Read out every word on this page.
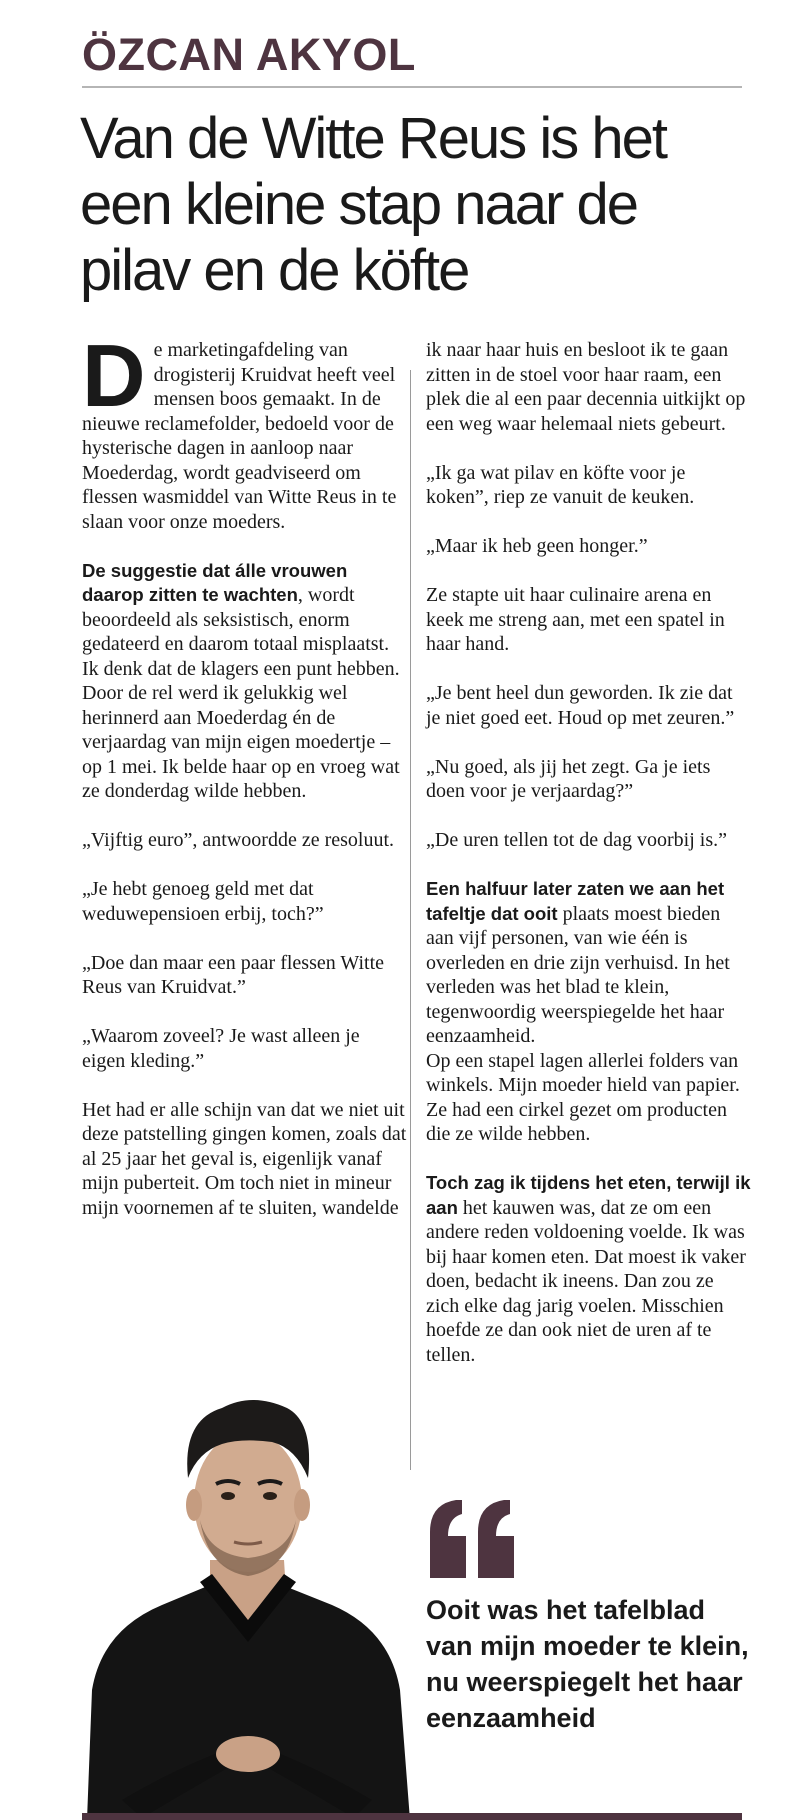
ÖZCAN AKYOL
Van de Witte Reus is het een kleine stap naar de pilav en de köfte

De marketingafdeling van drogisterij Kruidvat heeft veel mensen boos gemaakt. In de nieuwe reclamefolder, bedoeld voor de hysterische dagen in aanloop naar Moederdag, wordt geadviseerd om flessen wasmiddel van Witte Reus in te slaan voor onze moeders.

De suggestie dat álle vrouwen daarop zitten te wachten, wordt beoordeeld als seksistisch, enorm gedateerd en daarom totaal misplaatst. Ik denk dat de klagers een punt hebben. Door de rel werd ik gelukkig wel herinnerd aan Moederdag én de verjaardag van mijn eigen moedertje – op 1 mei. Ik belde haar op en vroeg wat ze donderdag wilde hebben.

„Vijftig euro”, antwoordde ze resoluut.

„Je hebt genoeg geld met dat weduwepensioen erbij, toch?”

„Doe dan maar een paar flessen Witte Reus van Kruidvat.”

„Waarom zoveel? Je wast alleen je eigen kleding.”

Het had er alle schijn van dat we niet uit deze patstelling gingen komen, zoals dat al 25 jaar het geval is, eigenlijk vanaf mijn puberteit. Om toch niet in mineur mijn voornemen af te sluiten, wandelde

ik naar haar huis en besloot ik te gaan zitten in de stoel voor haar raam, een plek die al een paar decennia uitkijkt op een weg waar helemaal niets gebeurt.

„Ik ga wat pilav en köfte voor je koken”, riep ze vanuit de keuken.

„Maar ik heb geen honger.”

Ze stapte uit haar culinaire arena en keek me streng aan, met een spatel in haar hand.

„Je bent heel dun geworden. Ik zie dat je niet goed eet. Houd op met zeuren.”

„Nu goed, als jij het zegt. Ga je iets doen voor je verjaardag?”

„De uren tellen tot de dag voorbij is.”

Een halfuur later zaten we aan het tafeltje dat ooit plaats moest bieden aan vijf personen, van wie één is overleden en drie zijn verhuisd. In het verleden was het blad te klein, tegenwoordig weerspiegelde het haar eenzaamheid.

Op een stapel lagen allerlei folders van winkels. Mijn moeder hield van papier. Ze had een cirkel gezet om producten die ze wilde hebben.

Toch zag ik tijdens het eten, terwijl ik aan het kauwen was, dat ze om een andere reden voldoening voelde. Ik was bij haar komen eten. Dat moest ik vaker doen, bedacht ik ineens. Dan zou ze zich elke dag jarig voelen. Misschien hoefde ze dan ook niet de uren af te tellen.

Ooit was het tafelblad van mijn moeder te klein, nu weerspiegelt het haar eenzaamheid
